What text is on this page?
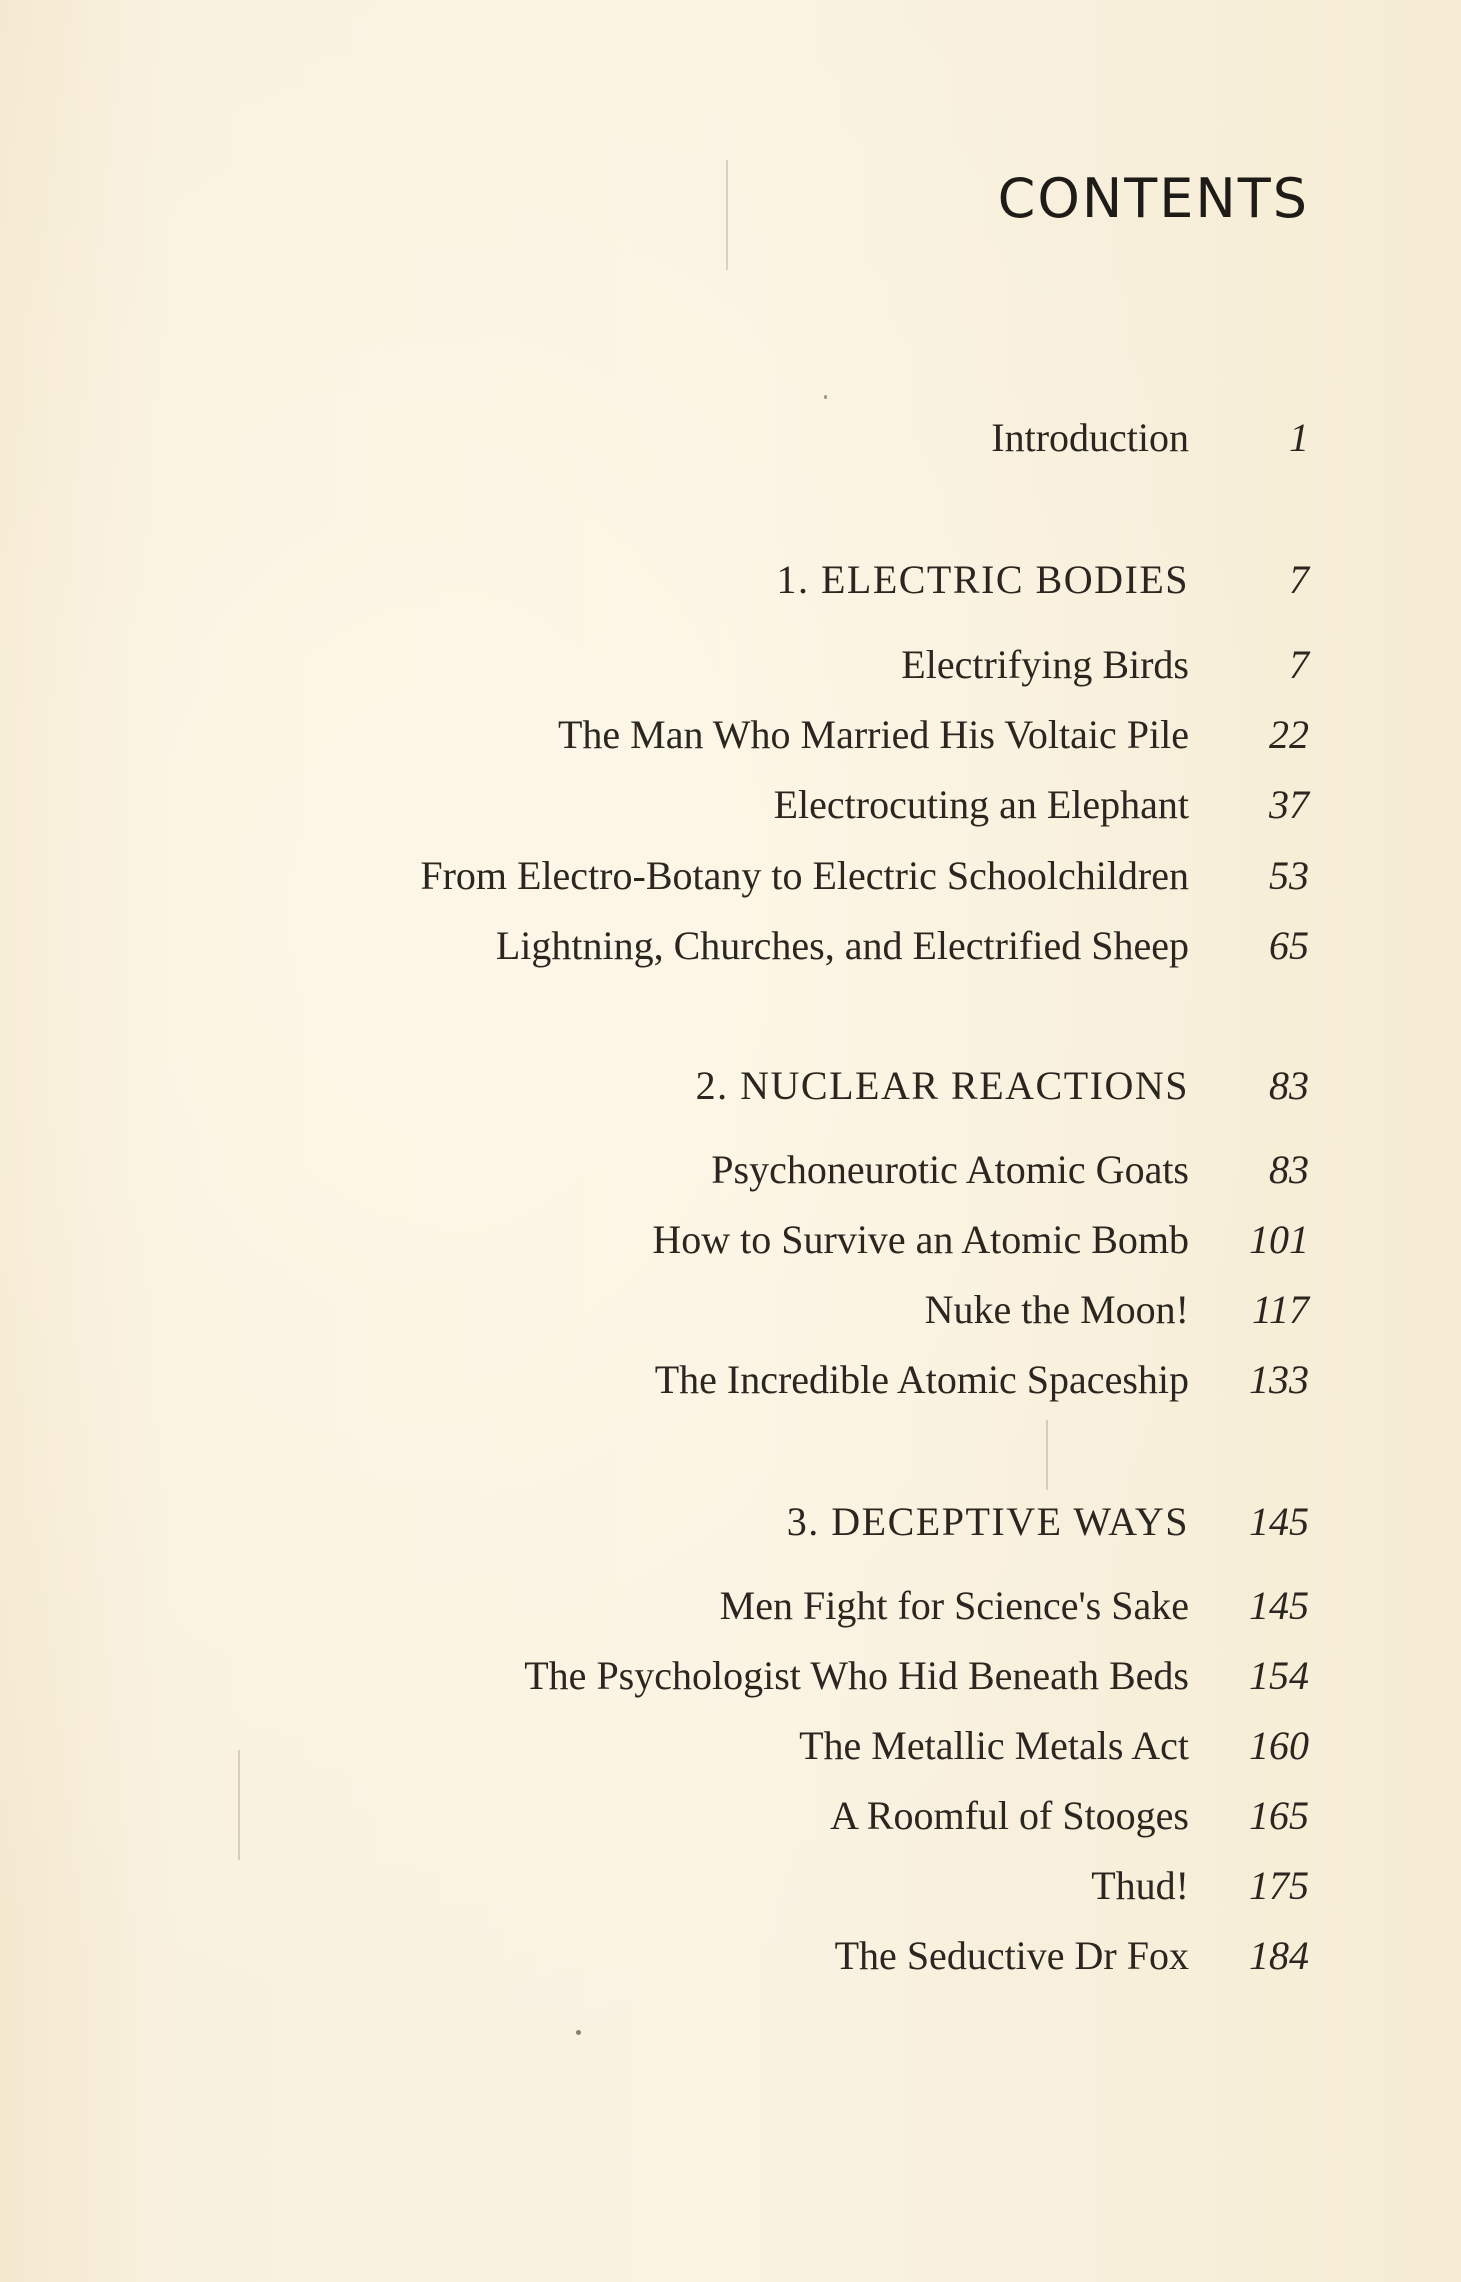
CONTENTS
Introduction	1
1. ELECTRIC BODIES	7
Electrifying Birds	7
The Man Who Married His Voltaic Pile	22
Electrocuting an Elephant	37
From Electro-Botany to Electric Schoolchildren	53
Lightning, Churches, and Electrified Sheep	65
2. NUCLEAR REACTIONS	83
Psychoneurotic Atomic Goats	83
How to Survive an Atomic Bomb	101
Nuke the Moon!	117
The Incredible Atomic Spaceship	133
3. DECEPTIVE WAYS	145
Men Fight for Science's Sake	145
The Psychologist Who Hid Beneath Beds	154
The Metallic Metals Act	160
A Roomful of Stooges	165
Thud!	175
The Seductive Dr Fox	184
